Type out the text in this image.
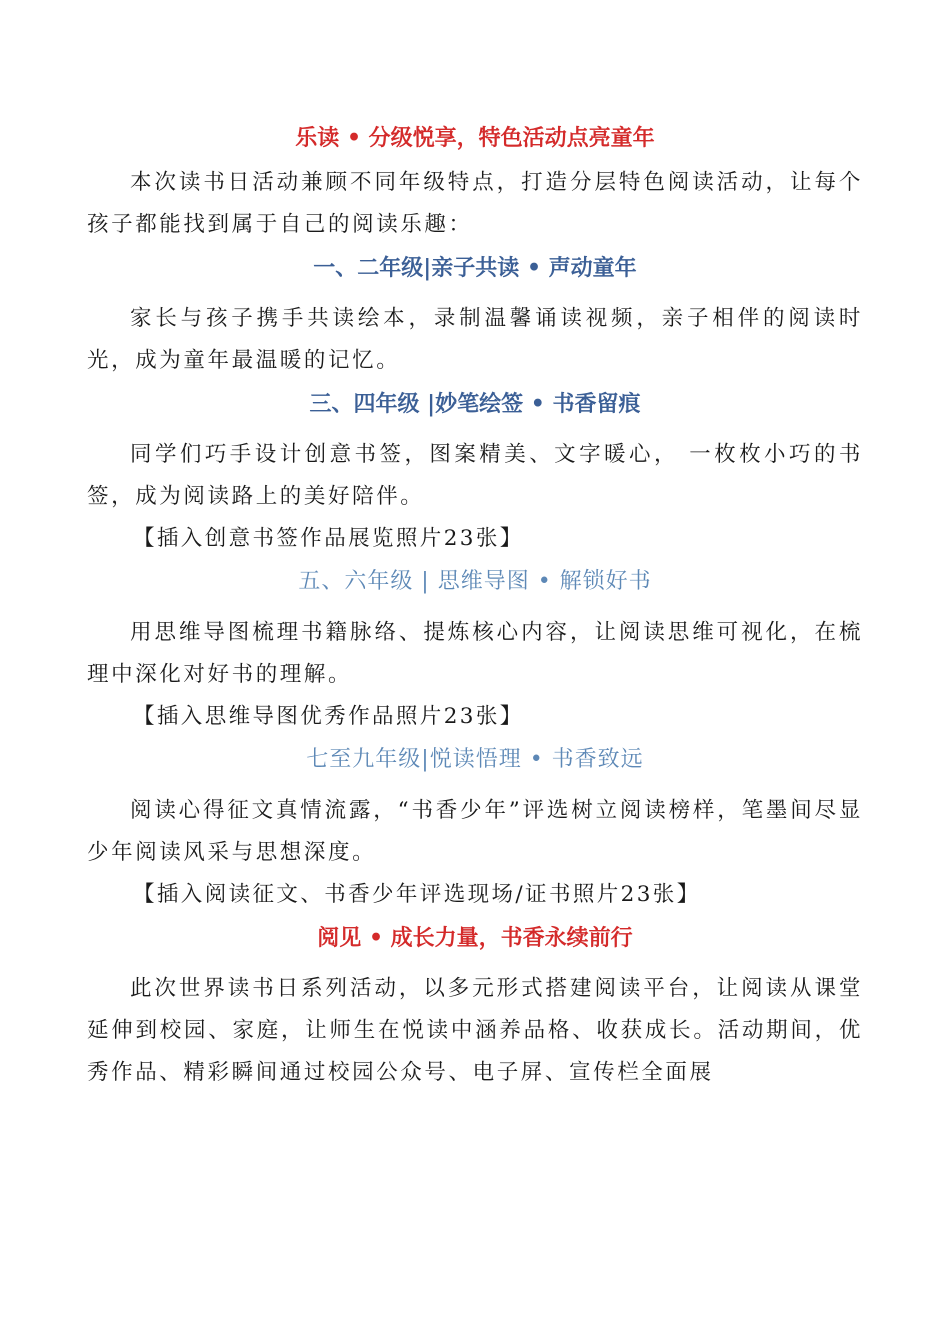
乐读 • 分级悦享，特色活动点亮童年

本次读书日活动兼顾不同年级特点，打造分层特色阅读活动，让每个孩子都能找到属于自己的阅读乐趣：

一、二年级|亲子共读 • 声动童年

家长与孩子携手共读绘本，录制温馨诵读视频，亲子相伴的阅读时光，成为童年最温暖的记忆。

三、四年级 |妙笔绘签 • 书香留痕

同学们巧手设计创意书签，图案精美、文字暖心， 一枚枚小巧的书签，成为阅读路上的美好陪伴。

【插入创意书签作品展览照片23张】

五、六年级 | 思维导图 • 解锁好书

用思维导图梳理书籍脉络、提炼核心内容，让阅读思维可视化，在梳理中深化对好书的理解。

【插入思维导图优秀作品照片23张】

七至九年级|悦读悟理 • 书香致远

阅读心得征文真情流露，“书香少年”评选树立阅读榜样，笔墨间尽显少年阅读风采与思想深度。

【插入阅读征文、书香少年评选现场/证书照片23张】

阅见 • 成长力量，书香永续前行

此次世界读书日系列活动，以多元形式搭建阅读平台，让阅读从课堂延伸到校园、家庭，让师生在悦读中涵养品格、收获成长。活动期间，优秀作品、精彩瞬间通过校园公众号、电子屏、宣传栏全面展
